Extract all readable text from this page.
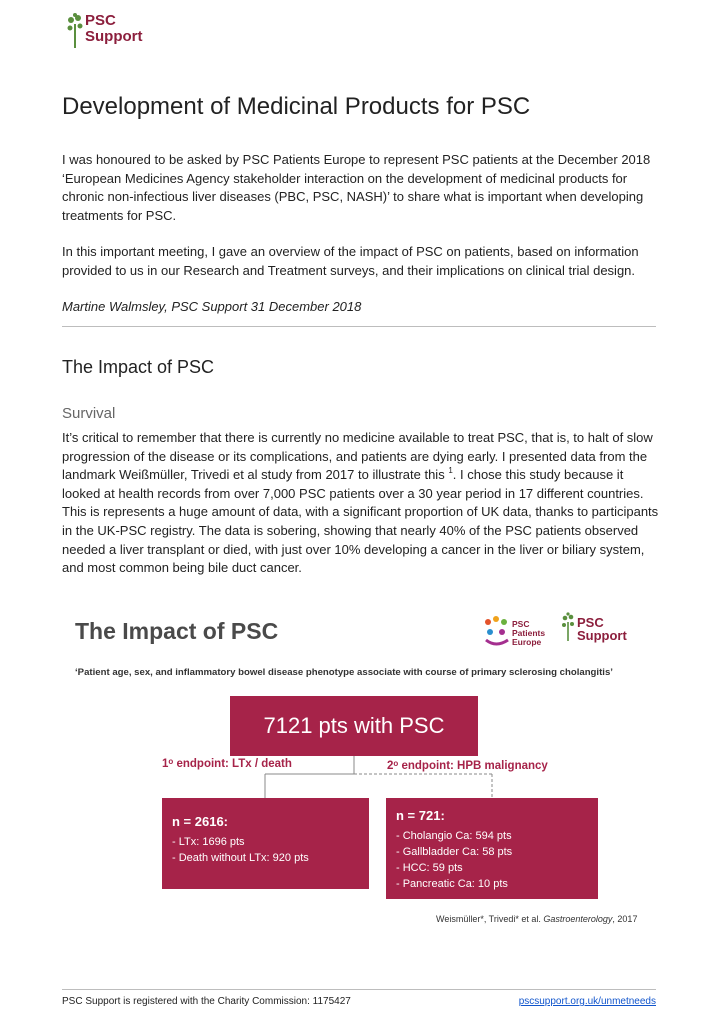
PSC
Support
Development of Medicinal Products for PSC

I was honoured to be asked by PSC Patients Europe to represent PSC patients at the December 2018 ‘European Medicines Agency stakeholder interaction on the development of medicinal products for chronic non-infectious liver diseases (PBC, PSC, NASH)’ to share what is important when developing treatments for PSC.

In this important meeting, I gave an overview of the impact of PSC on patients, based on information provided to us in our Research and Treatment surveys, and their implications on clinical trial design.

Martine Walmsley, PSC Support 31 December 2018

The Impact of PSC
Survival

It’s critical to remember that there is currently no medicine available to treat PSC, that is, to halt of slow progression of the disease or its complications, and patients are dying early. I presented data from the landmark Weißmüller, Trivedi et al study from 2017 to illustrate this $^1$. I chose this study because it looked at health records from over 7,000 PSC patients over a 30 year period in 17 different countries. This is represents a huge amount of data, with a significant proportion of UK data, thanks to participants in the UK-PSC registry. The data is sobering, showing that nearly 40% of the PSC patients observed needed a liver transplant or died, with just over 10% developing a cancer in the liver or biliary system, and most common being bile duct cancer.

The Impact of PSC	PSC
Patients
Europe
PSC
Support
‘Patient age, sex, and inflammatory bowel disease phenotype associate with course of primary sclerosing cholangitis’
7121 pts with PSC
1$^o$ endpoint: LTx / death	2$^o$ endpoint: HPB malignancy
n = 2616:
- LTx: 1696 pts
- Death without LTx: 920 pts
n = 721:
- Cholangio Ca: 594 pts
- Gallbladder Ca: 58 pts
- HCC: 59 pts
- Pancreatic Ca: 10 pts
Weismüller*, Trivedi* et al. Gastroenterology, 2017
PSC Support is registered with the Charity Commission: 1175427	pscsupport.org.uk/unmetneeds
